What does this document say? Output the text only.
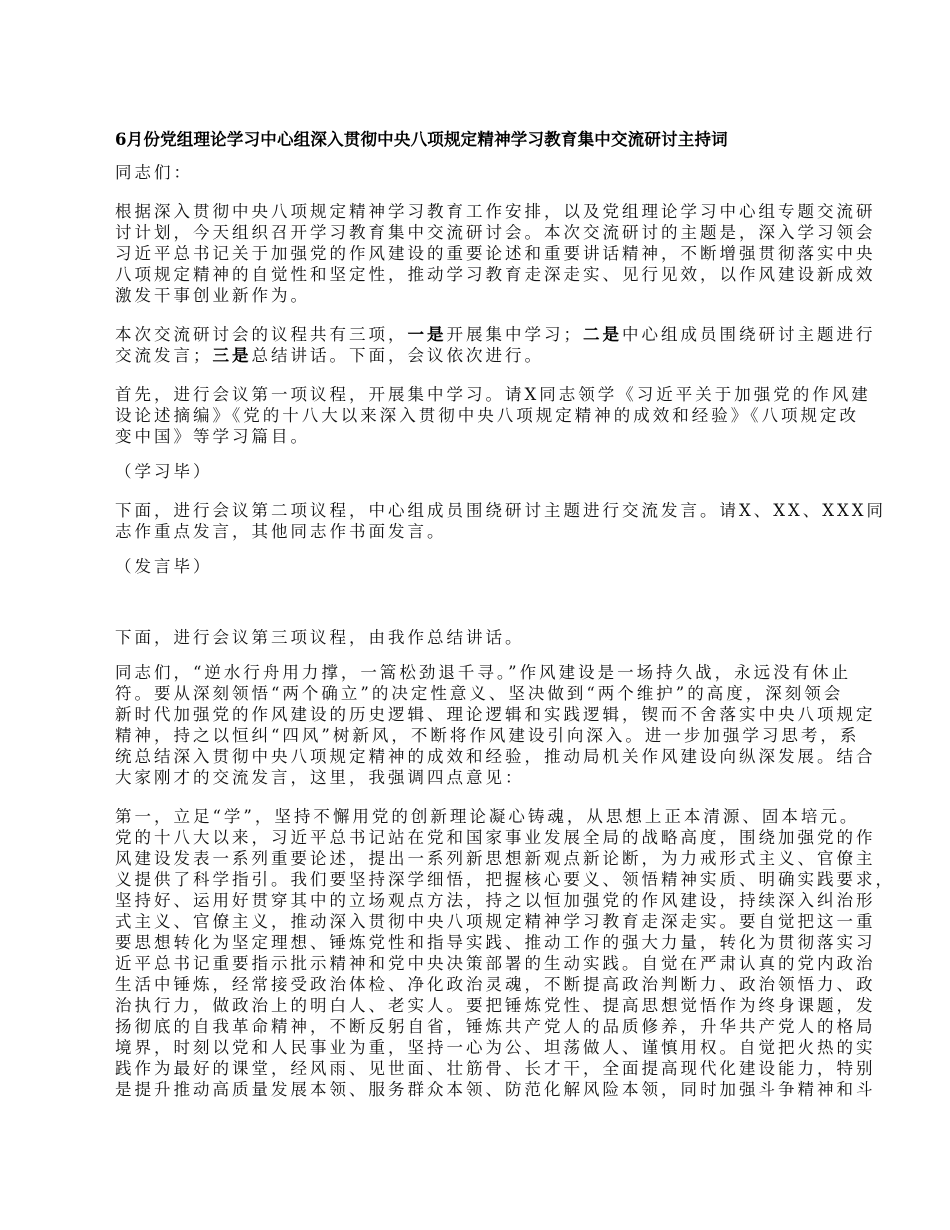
6月份党组理论学习中心组深入贯彻中央八项规定精神学习教育集中交流研讨主持词

同志们：

根据深入贯彻中央八项规定精神学习教育工作安排，以及党组理论学习中心组专题交流研
讨计划，今天组织召开学习教育集中交流研讨会。本次交流研讨的主题是，深入学习领会
习近平总书记关于加强党的作风建设的重要论述和重要讲话精神，不断增强贯彻落实中央
八项规定精神的自觉性和坚定性，推动学习教育走深走实、见行见效，以作风建设新成效
激发干事创业新作为。

本次交流研讨会的议程共有三项，一是开展集中学习；二是中心组成员围绕研讨主题进行
交流发言；三是总结讲话。下面，会议依次进行。

首先，进行会议第一项议程，开展集中学习。请X同志领学《习近平关于加强党的作风建
设论述摘编》《党的十八大以来深入贯彻中央八项规定精神的成效和经验》《八项规定改
变中国》等学习篇目。

（学习毕）

下面，进行会议第二项议程，中心组成员围绕研讨主题进行交流发言。请X、XX、XXX同
志作重点发言，其他同志作书面发言。

（发言毕）

下面，进行会议第三项议程，由我作总结讲话。

同志们，“逆水行舟用力撑，一篙松劲退千寻。”作风建设是一场持久战，永远没有休止
符。要从深刻领悟“两个确立”的决定性意义、坚决做到“两个维护”的高度，深刻领会
新时代加强党的作风建设的历史逻辑、理论逻辑和实践逻辑，锲而不舍落实中央八项规定
精神，持之以恒纠“四风”树新风，不断将作风建设引向深入。进一步加强学习思考，系
统总结深入贯彻中央八项规定精神的成效和经验，推动局机关作风建设向纵深发展。结合
大家刚才的交流发言，这里，我强调四点意见：

第一，立足“学”，坚持不懈用党的创新理论凝心铸魂，从思想上正本清源、固本培元。
党的十八大以来，习近平总书记站在党和国家事业发展全局的战略高度，围绕加强党的作
风建设发表一系列重要论述，提出一系列新思想新观点新论断，为力戒形式主义、官僚主
义提供了科学指引。我们要坚持深学细悟，把握核心要义、领悟精神实质、明确实践要求，
坚持好、运用好贯穿其中的立场观点方法，持之以恒加强党的作风建设，持续深入纠治形
式主义、官僚主义，推动深入贯彻中央八项规定精神学习教育走深走实。要自觉把这一重
要思想转化为坚定理想、锤炼党性和指导实践、推动工作的强大力量，转化为贯彻落实习
近平总书记重要指示批示精神和党中央决策部署的生动实践。自觉在严肃认真的党内政治
生活中锤炼，经常接受政治体检、净化政治灵魂，不断提高政治判断力、政治领悟力、政
治执行力，做政治上的明白人、老实人。要把锤炼党性、提高思想觉悟作为终身课题，发
扬彻底的自我革命精神，不断反躬自省，锤炼共产党人的品质修养，升华共产党人的格局
境界，时刻以党和人民事业为重，坚持一心为公、坦荡做人、谨慎用权。自觉把火热的实
践作为最好的课堂，经风雨、见世面、壮筋骨、长才干，全面提高现代化建设能力，特别
是提升推动高质量发展本领、服务群众本领、防范化解风险本领，同时加强斗争精神和斗
